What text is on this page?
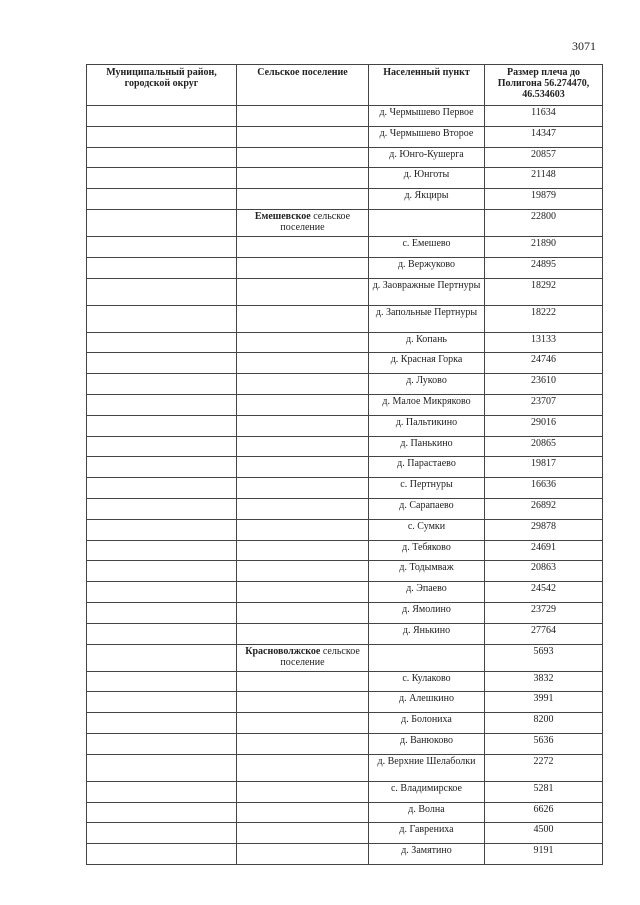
3071
Муниципальный район, городской округ	Сельское поселение	Населенный пункт	Размер плеча до Полигона 56.274470, 46.534603
		д. Чермышево Первое	11634
		д. Чермышево Второе	14347
		д. Юнго-Кушерга	20857
		д. Юнготы	21148
		д. Якциры	19879
	Емешевское сельское поселение		22800
		с. Емешево	21890
		д. Вержуково	24895
		д. Заовражные Пертнуры	18292
		д. Запольные Пертнуры	18222
		д. Копань	13133
		д. Красная Горка	24746
		д. Луково	23610
		д. Малое Микряково	23707
		д. Пальтикино	29016
		д. Панькино	20865
		д. Парастаево	19817
		с. Пертнуры	16636
		д. Сарапаево	26892
		с. Сумки	29878
		д. Тебяково	24691
		д. Тодымваж	20863
		д. Эпаево	24542
		д. Ямолино	23729
		д. Янькино	27764
	Красноволжское сельское поселение		5693
		с. Кулаково	3832
		д. Алешкино	3991
		д. Болониха	8200
		д. Ванюково	5636
		д. Верхние Шелаболки	2272
		с. Владимирское	5281
		д. Волна	6626
		д. Гаврениха	4500
		д. Замятино	9191
